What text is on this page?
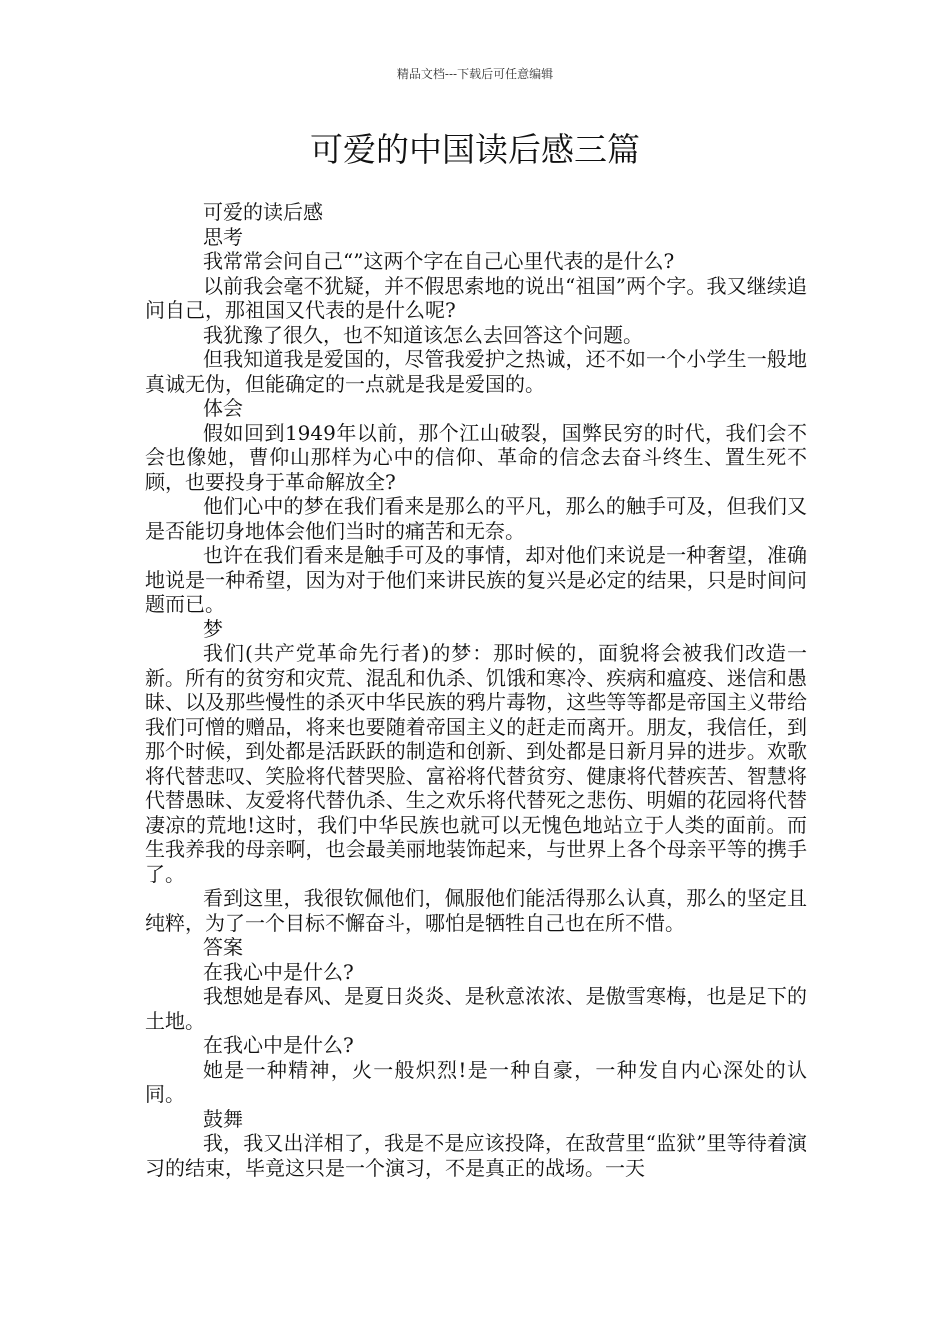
精品文档---下载后可任意编辑
可爱的中国读后感三篇

可爱的读后感

思考

我常常会问自己“”这两个字在自己心里代表的是什么?

以前我会毫不犹疑，并不假思索地的说出“祖国”两个字。我又继续追问自己，那祖国又代表的是什么呢?

我犹豫了很久，也不知道该怎么去回答这个问题。

但我知道我是爱国的，尽管我爱护之热诚，还不如一个小学生一般地真诚无伪，但能确定的一点就是我是爱国的。

体会

假如回到1949年以前，那个江山破裂，国弊民穷的时代，我们会不会也像她，曹仰山那样为心中的信仰、革命的信念去奋斗终生、置生死不顾，也要投身于革命解放全?

他们心中的梦在我们看来是那么的平凡，那么的触手可及，但我们又是否能切身地体会他们当时的痛苦和无奈。

也许在我们看来是触手可及的事情，却对他们来说是一种奢望，准确地说是一种希望，因为对于他们来讲民族的复兴是必定的结果，只是时间问题而已。

梦

我们(共产党革命先行者)的梦：那时候的，面貌将会被我们改造一新。所有的贫穷和灾荒、混乱和仇杀、饥饿和寒冷、疾病和瘟疫、迷信和愚昧、以及那些慢性的杀灭中华民族的鸦片毒物，这些等等都是帝国主义带给我们可憎的赠品，将来也要随着帝国主义的赶走而离开。朋友，我信任，到那个时候，到处都是活跃跃的制造和创新、到处都是日新月异的进步。欢歌将代替悲叹、笑脸将代替哭脸、富裕将代替贫穷、健康将代替疾苦、智慧将代替愚昧、友爱将代替仇杀、生之欢乐将代替死之悲伤、明媚的花园将代替凄凉的荒地!这时，我们中华民族也就可以无愧色地站立于人类的面前。而生我养我的母亲啊，也会最美丽地装饰起来，与世界上各个母亲平等的携手了。

看到这里，我很钦佩他们，佩服他们能活得那么认真，那么的坚定且纯粹，为了一个目标不懈奋斗，哪怕是牺牲自己也在所不惜。

答案

在我心中是什么?

我想她是春风、是夏日炎炎、是秋意浓浓、是傲雪寒梅，也是足下的土地。

在我心中是什么?

她是一种精神，火一般炽烈!是一种自豪，一种发自内心深处的认同。

鼓舞

我，我又出洋相了，我是不是应该投降，在敌营里“监狱”里等待着演习的结束，毕竟这只是一个演习，不是真正的战场。一天
